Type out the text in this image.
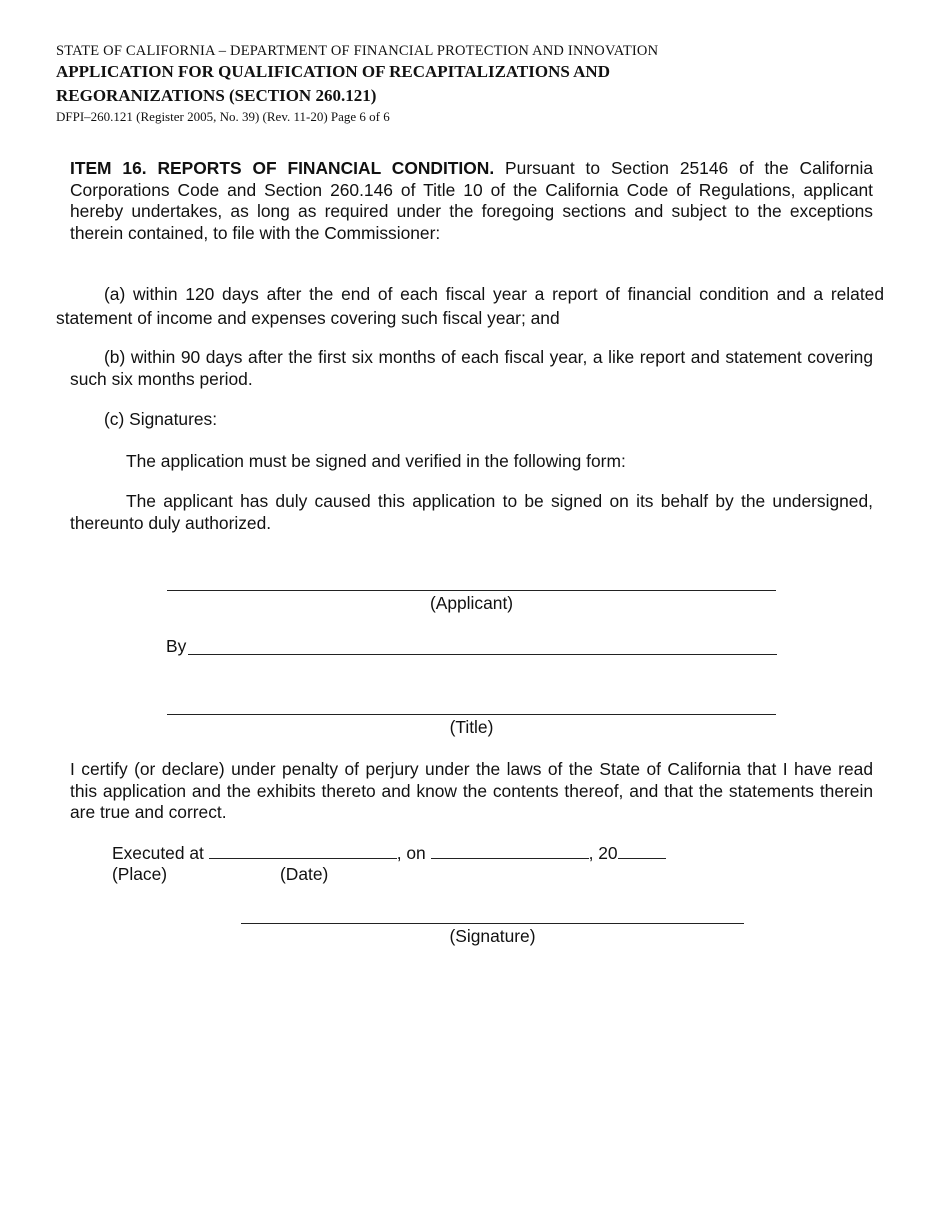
STATE OF CALIFORNIA – DEPARTMENT OF FINANCIAL PROTECTION AND INNOVATION
APPLICATION FOR QUALIFICATION OF RECAPITALIZATIONS AND
REGORANIZATIONS (SECTION 260.121)
DFPI–260.121 (Register 2005, No. 39) (Rev. 11-20) Page 6 of 6
ITEM 16. REPORTS OF FINANCIAL CONDITION. Pursuant to Section 25146 of the California Corporations Code and Section 260.146 of Title 10 of the California Code of Regulations, applicant hereby undertakes, as long as required under the foregoing sections and subject to the exceptions therein contained, to file with the Commissioner:
(a) within 120 days after the end of each fiscal year a report of financial condition and a related statement of income and expenses covering such fiscal year; and
(b) within 90 days after the first six months of each fiscal year, a like report and statement covering such six months period.
(c) Signatures:
The application must be signed and verified in the following form:
The applicant has duly caused this application to be signed on its behalf by the undersigned, thereunto duly authorized.
(Applicant)
By
(Title)
I certify (or declare) under penalty of perjury under the laws of the State of California that I have read this application and the exhibits thereto and know the contents thereof, and that the statements therein are true and correct.
Executed at	, on	, 20
(Place)	(Date)
(Signature)
